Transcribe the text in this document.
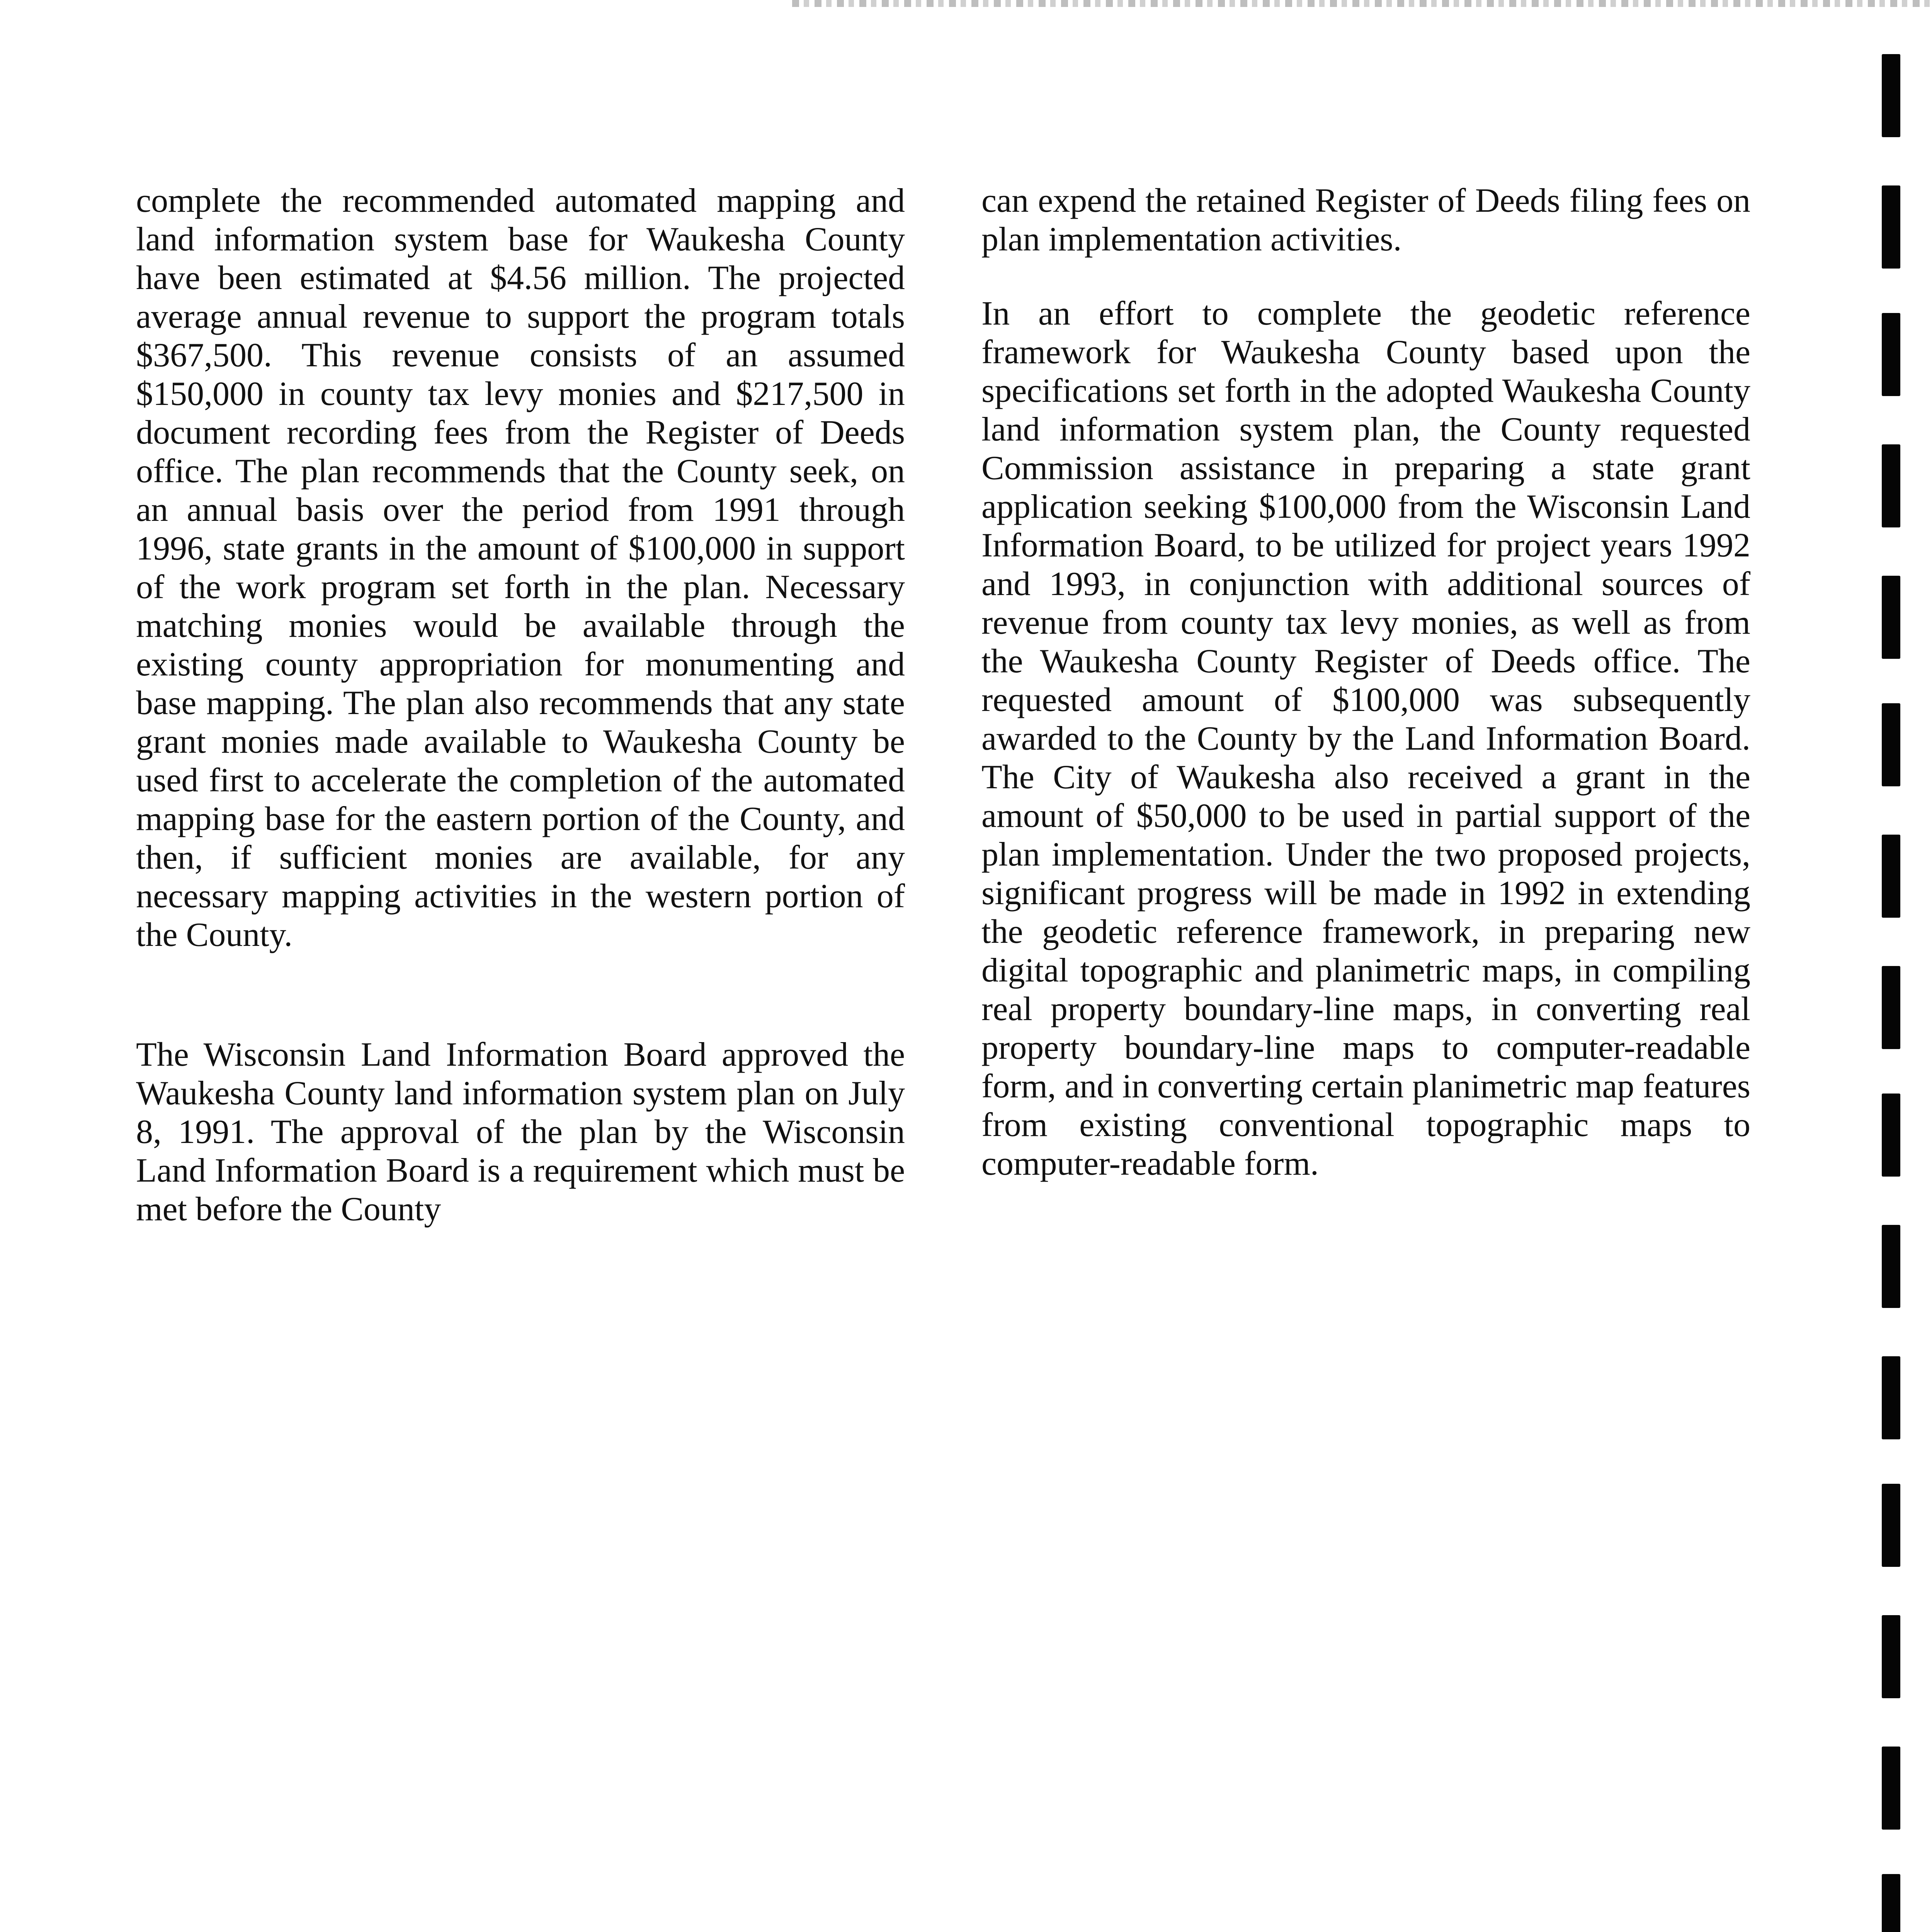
complete the recommended automated mapping and land information system base for Waukesha County have been estimated at $4.56 million. The projected average annual revenue to support the program totals $367,500. This revenue consists of an assumed $150,000 in county tax levy monies and $217,500 in document recording fees from the Register of Deeds office. The plan recommends that the County seek, on an annual basis over the period from 1991 through 1996, state grants in the amount of $100,000 in support of the work program set forth in the plan. Necessary matching monies would be available through the existing county appropriation for monumenting and base mapping. The plan also recommends that any state grant monies made available to Waukesha County be used first to accelerate the completion of the automated mapping base for the eastern portion of the County, and then, if sufficient monies are available, for any necessary mapping activities in the western portion of the County.

The Wisconsin Land Information Board approved the Waukesha County land information system plan on July 8, 1991. The approval of the plan by the Wisconsin Land Information Board is a requirement which must be met before the County

can expend the retained Register of Deeds filing fees on plan implementation activities.

In an effort to complete the geodetic reference framework for Waukesha County based upon the specifications set forth in the adopted Waukesha County land information system plan, the County requested Commission assistance in preparing a state grant application seeking $100,000 from the Wisconsin Land Information Board, to be utilized for project years 1992 and 1993, in conjunction with additional sources of revenue from county tax levy monies, as well as from the Waukesha County Register of Deeds office. The requested amount of $100,000 was subsequently awarded to the County by the Land Information Board. The City of Waukesha also received a grant in the amount of $50,000 to be used in partial support of the plan implementation. Under the two proposed projects, significant progress will be made in 1992 in extending the geodetic reference framework, in preparing new digital topographic and planimetric maps, in compiling real property boundary-line maps, in converting real property boundary-line maps to computer-readable form, and in converting certain planimetric map features from existing conventional topographic maps to computer-readable form.
